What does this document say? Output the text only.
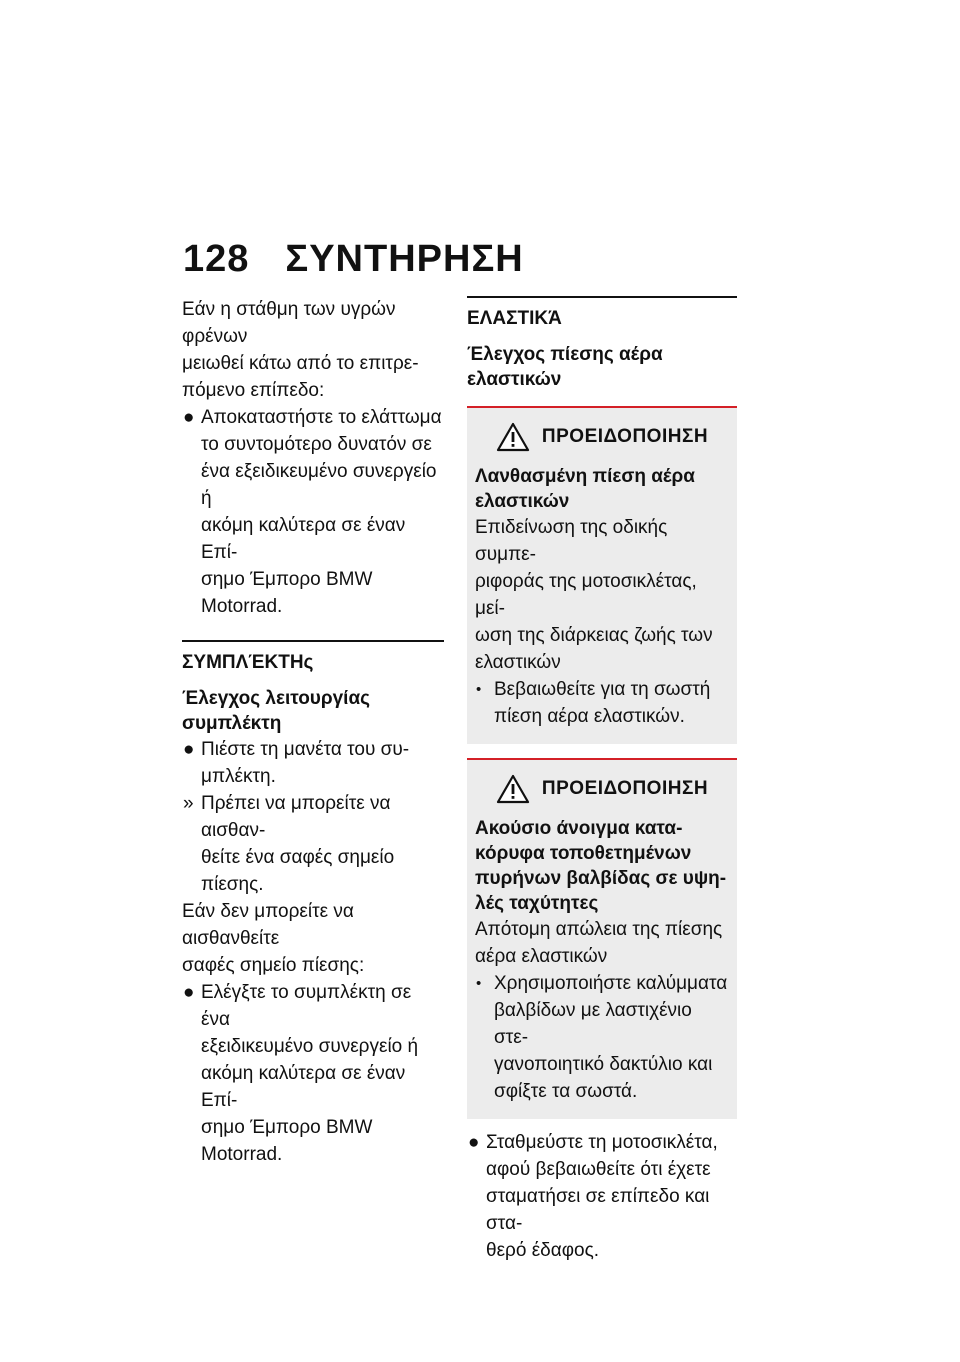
128 ΣΥΝΤΗΡΗΣΗ

Εάν η στάθμη των υγρών φρένων
μειωθεί κάτω από το επιτρε-
πόμενο επίπεδο:

● Αποκαταστήστε το ελάττωμα
το συντομότερο δυνατόν σε
ένα εξειδικευμένο συνεργείο ή
ακόμη καλύτερα σε έναν Επί-
σημο Έμπορο BMW Motorrad.
ΣΥΜΠΛΈΚΤΗς
Έλεγχος λειτουργίας
συμπλέκτη
● Πιέστε τη μανέτα του συ-
μπλέκτη.
» Πρέπει να μπορείτε να αισθαν-
θείτε ένα σαφές σημείο πίεσης.

Εάν δεν μπορείτε να αισθανθείτε
σαφές σημείο πίεσης:

● Ελέγξτε το συμπλέκτη σε ένα
εξειδικευμένο συνεργείο ή
ακόμη καλύτερα σε έναν Επί-
σημο Έμπορο BMW Motorrad.
ΕΛΑΣΤΙΚΆ
Έλεγχος πίεσης αέρα
ελαστικών
ΠΡΟΕΙΔΟΠΟΙΗΣΗ
Λανθασμένη πίεση αέρα
ελαστικών

Επιδείνωση της οδικής συμπε-
ριφοράς της μοτοσικλέτας, μεί-
ωση της διάρκειας ζωής των
ελαστικών

• Βεβαιωθείτε για τη σωστή
πίεση αέρα ελαστικών.
ΠΡΟΕΙΔΟΠΟΙΗΣΗ
Ακούσιο άνοιγμα κατα-
κόρυφα τοποθετημένων
πυρήνων βαλβίδας σε υψη-
λές ταχύτητες

Απότομη απώλεια της πίεσης
αέρα ελαστικών

• Χρησιμοποιήστε καλύμματα
βαλβίδων με λαστιχένιο στε-
γανοποιητικό δακτύλιο και
σφίξτε τα σωστά.
● Σταθμεύστε τη μοτοσικλέτα,
αφού βεβαιωθείτε ότι έχετε
σταματήσει σε επίπεδο και στα-
θερό έδαφος.
